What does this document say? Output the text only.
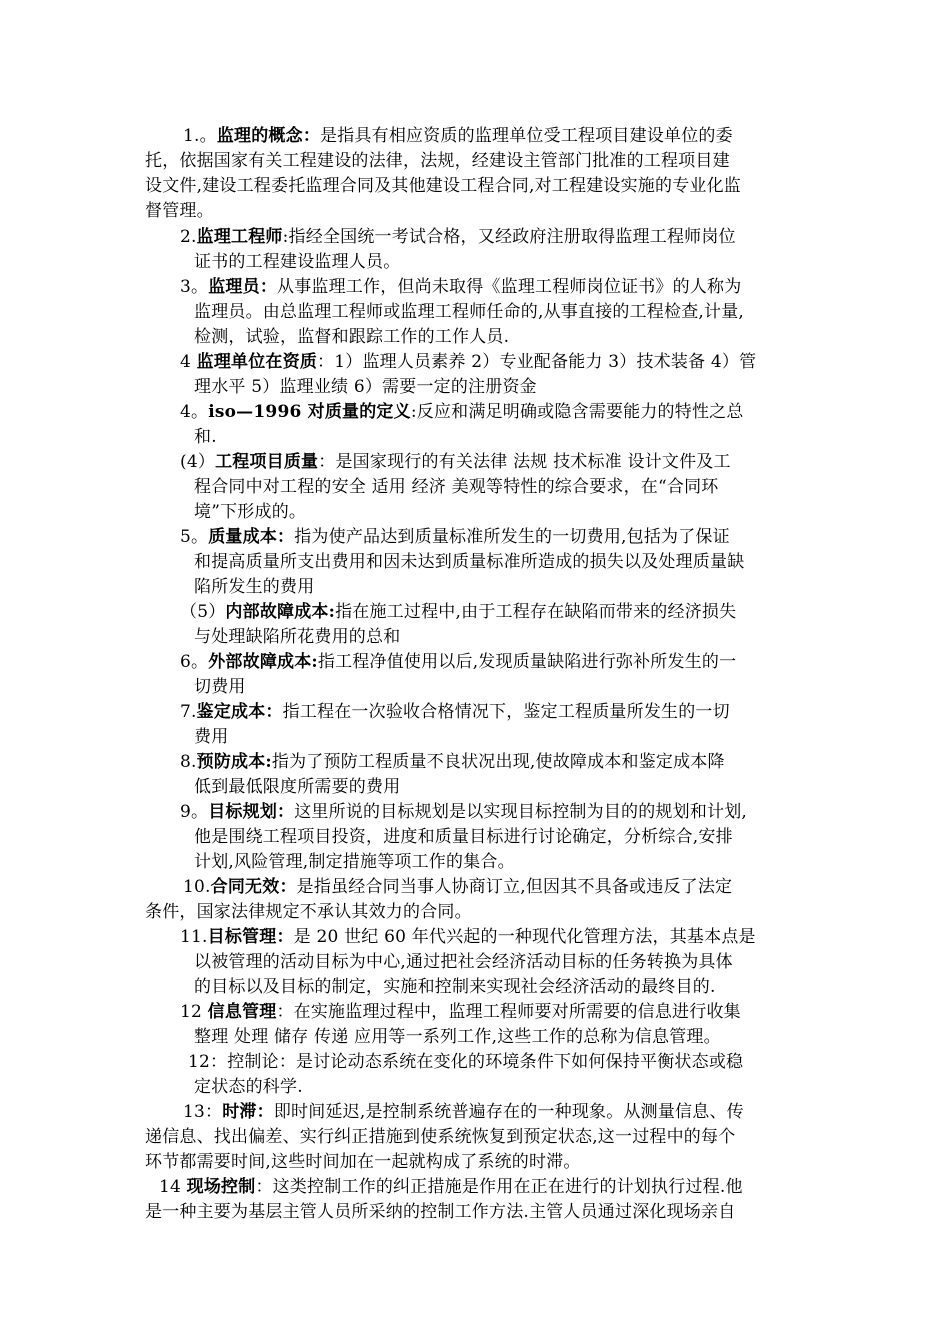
1.。监理的概念：是指具有相应资质的监理单位受工程项目建设单位的委
托，依据国家有关工程建设的法律，法规，经建设主管部门批准的工程项目建
设文件,建设工程委托监理合同及其他建设工程合同,对工程建设实施的专业化监
督管理。
2.监理工程师:指经全国统一考试合格，又经政府注册取得监理工程师岗位
证书的工程建设监理人员。
3。监理员：从事监理工作，但尚未取得《监理工程师岗位证书》的人称为
监理员。由总监理工程师或监理工程师任命的,从事直接的工程检查,计量,
检测，试验，监督和跟踪工作的工作人员.
4 监理单位在资质：1）监理人员素养 2）专业配备能力 3）技术装备 4）管
理水平 5）监理业绩 6）需要一定的注册资金
4。iso—1996 对质量的定义:反应和满足明确或隐含需要能力的特性之总
和.
(4）工程项目质量：是国家现行的有关法律 法规 技术标准 设计文件及工
程合同中对工程的安全 适用 经济 美观等特性的综合要求，在“合同环
境”下形成的。
5。质量成本：指为使产品达到质量标准所发生的一切费用,包括为了保证
和提高质量所支出费用和因未达到质量标准所造成的损失以及处理质量缺
陷所发生的费用
（5）内部故障成本:指在施工过程中,由于工程存在缺陷而带来的经济损失
与处理缺陷所花费用的总和
6。外部故障成本:指工程净值使用以后,发现质量缺陷进行弥补所发生的一
切费用
7.鉴定成本：指工程在一次验收合格情况下，鉴定工程质量所发生的一切
费用
8.预防成本:指为了预防工程质量不良状况出现,使故障成本和鉴定成本降
低到最低限度所需要的费用
9。目标规划：这里所说的目标规划是以实现目标控制为目的的规划和计划,
他是围绕工程项目投资，进度和质量目标进行讨论确定，分析综合,安排
计划,风险管理,制定措施等项工作的集合。
10.合同无效：是指虽经合同当事人协商订立,但因其不具备或违反了法定
条件，国家法律规定不承认其效力的合同。
11.目标管理：是 20 世纪 60 年代兴起的一种现代化管理方法，其基本点是
以被管理的活动目标为中心,通过把社会经济活动目标的任务转换为具体
的目标以及目标的制定，实施和控制来实现社会经济活动的最终目的.
12 信息管理：在实施监理过程中，监理工程师要对所需要的信息进行收集
整理 处理 储存 传递 应用等一系列工作,这些工作的总称为信息管理。
12：控制论：是讨论动态系统在变化的环境条件下如何保持平衡状态或稳
定状态的科学.
13：时滞：即时间延迟,是控制系统普遍存在的一种现象。从测量信息、传
递信息、找出偏差、实行纠正措施到使系统恢复到预定状态,这一过程中的每个
环节都需要时间,这些时间加在一起就构成了系统的时滞。
14 现场控制：这类控制工作的纠正措施是作用在正在进行的计划执行过程.他
是一种主要为基层主管人员所采纳的控制工作方法.主管人员通过深化现场亲自
